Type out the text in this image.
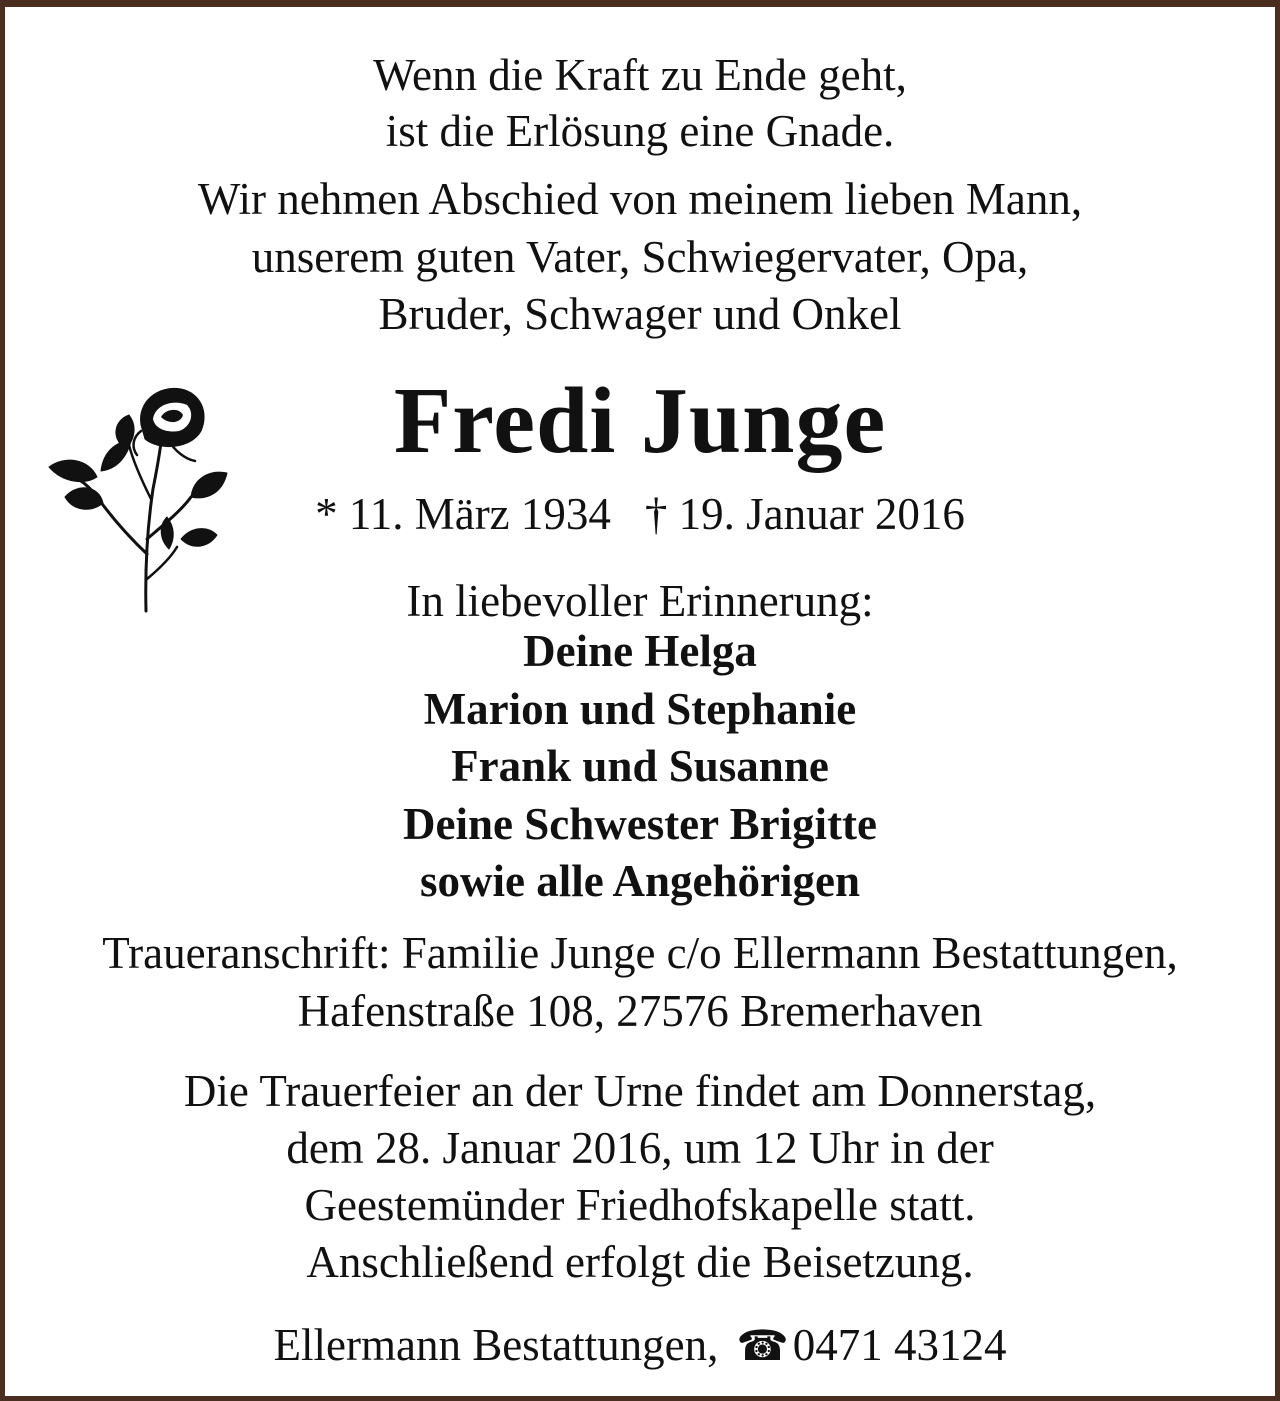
Wenn die Kraft zu Ende geht,
ist die Erlösung eine Gnade.
Wir nehmen Abschied von meinem lieben Mann,
unserem guten Vater, Schwiegervater, Opa,
Bruder, Schwager und Onkel
Fredi Junge
* 11. März 1934 † 19. Januar 2016
In liebevoller Erinnerung:
Deine Helga
Marion und Stephanie
Frank und Susanne
Deine Schwester Brigitte
sowie alle Angehörigen
Traueranschrift: Familie Junge c/o Ellermann Bestattungen,
Hafenstraße 108, 27576 Bremerhaven
Die Trauerfeier an der Urne findet am Donnerstag,
dem 28. Januar 2016, um 12 Uhr in der
Geestemünder Friedhofskapelle statt.
Anschließend erfolgt die Beisetzung.
Ellermann Bestattungen, ☎0471 43124
